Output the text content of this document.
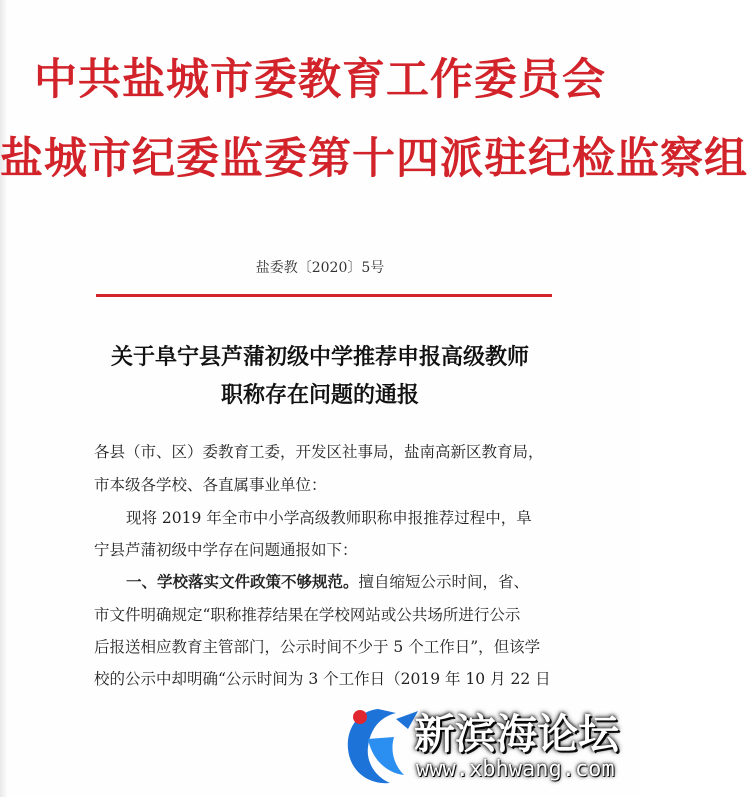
中共盐城市委教育工作委员会
盐城市纪委监委第十四派驻纪检监察组
盐委教〔2020〕5号
关于阜宁县芦蒲初级中学推荐申报高级教师
职称存在问题的通报
各县（市、区）委教育工委，开发区社事局，盐南高新区教育局，
市本级各学校、各直属事业单位：
现将 2019 年全市中小学高级教师职称申报推荐过程中，阜
宁县芦蒲初级中学存在问题通报如下：
一、学校落实文件政策不够规范。擅自缩短公示时间，省、
市文件明确规定“职称推荐结果在学校网站或公共场所进行公示
后报送相应教育主管部门，公示时间不少于 5 个工作日”，但该学
校的公示中却明确“公示时间为 3 个工作日（2019 年 10 月 22 日
新滨海论坛
www.xbhwang.com
